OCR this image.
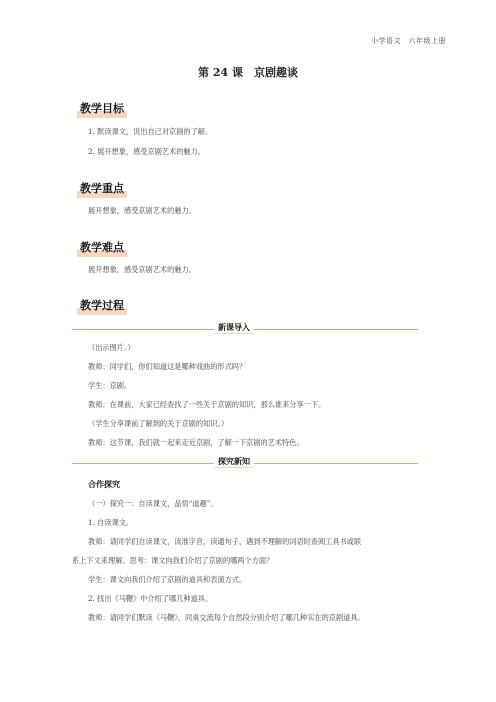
小学语文　六年级上册
第 24 课　京剧趣谈
教学目标
1. 默读课文，说出自己对京剧的了解。
2. 展开想象，感受京剧艺术的魅力。
教学重点
展开想象，感受京剧艺术的魅力。
教学难点
展开想象，感受京剧艺术的魅力。
教学过程
新课导入
（出示图片。）
教师：同学们，你们知道这是哪种戏曲的形式吗？
学生：京剧。
教师：在课前，大家已经查找了一些关于京剧的知识，那么谁来分享一下。
（学生分享课前了解到的关于京剧的知识。）
教师：这节课，我们就一起来走近京剧，了解一下京剧的艺术特色。
探究新知
合作探究
（一）探究一：自读课文，品悟“道趣”。
1. 自读课文。
教师：请同学们自读课文，读准字音，读通句子，遇到不理解的词语时查阅工具书或联
系上下文来理解。思考：课文向我们介绍了京剧的哪两个方面？
学生：课文向我们介绍了京剧的道具和表演方式。
2. 找出《马鞭》中介绍了哪几种道具。
教师：请同学们默读《马鞭》，同桌交流每个自然段分别介绍了哪几种实在的京剧道具。
